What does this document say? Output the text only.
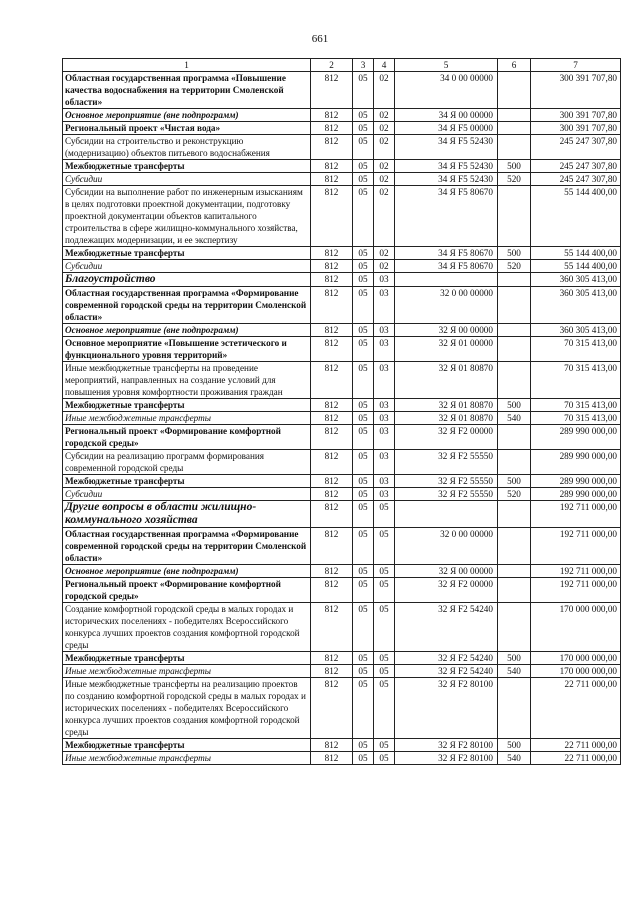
661
1	2	3	4	5	6	7
Областная государственная программа «Повышение качества водоснабжения на территории Смоленской области»	812	05	02	34 0 00 00000		300 391 707,80
Основное мероприятие (вне подпрограмм)	812	05	02	34 Я 00 00000		300 391 707,80
Региональный проект «Чистая вода»	812	05	02	34 Я F5 00000		300 391 707,80
Субсидии на строительство и реконструкцию (модернизацию) объектов питьевого водоснабжения	812	05	02	34 Я F5 52430		245 247 307,80
Межбюджетные трансферты	812	05	02	34 Я F5 52430	500	245 247 307,80
Субсидии	812	05	02	34 Я F5 52430	520	245 247 307,80
Субсидии на выполнение работ по инженерным изысканиям в целях подготовки проектной документации, подготовку проектной документации объектов капитального строительства в сфере жилищно-коммунального хозяйства, подлежащих модернизации, и ее экспертизу	812	05	02	34 Я F5 80670		55 144 400,00
Межбюджетные трансферты	812	05	02	34 Я F5 80670	500	55 144 400,00
Субсидии	812	05	02	34 Я F5 80670	520	55 144 400,00
Благоустройство	812	05	03			360 305 413,00
Областная государственная программа «Формирование современной городской среды на территории Смоленской области»	812	05	03	32 0 00 00000		360 305 413,00
Основное мероприятие (вне подпрограмм)	812	05	03	32 Я 00 00000		360 305 413,00
Основное мероприятие «Повышение эстетического и функционального уровня территорий»	812	05	03	32 Я 01 00000		70 315 413,00
Иные межбюджетные трансферты на проведение мероприятий, направленных на создание условий для повышения уровня комфортности проживания граждан	812	05	03	32 Я 01 80870		70 315 413,00
Межбюджетные трансферты	812	05	03	32 Я 01 80870	500	70 315 413,00
Иные межбюджетные трансферты	812	05	03	32 Я 01 80870	540	70 315 413,00
Региональный проект «Формирование комфортной городской среды»	812	05	03	32 Я F2 00000		289 990 000,00
Субсидии на реализацию программ формирования современной городской среды	812	05	03	32 Я F2 55550		289 990 000,00
Межбюджетные трансферты	812	05	03	32 Я F2 55550	500	289 990 000,00
Субсидии	812	05	03	32 Я F2 55550	520	289 990 000,00
Другие вопросы в области жилищно-коммунального хозяйства	812	05	05			192 711 000,00
Областная государственная программа «Формирование современной городской среды на территории Смоленской области»	812	05	05	32 0 00 00000		192 711 000,00
Основное мероприятие (вне подпрограмм)	812	05	05	32 Я 00 00000		192 711 000,00
Региональный проект «Формирование комфортной городской среды»	812	05	05	32 Я F2 00000		192 711 000,00
Создание комфортной городской среды в малых городах и исторических поселениях - победителях Всероссийского конкурса лучших проектов создания комфортной городской среды	812	05	05	32 Я F2 54240		170 000 000,00
Межбюджетные трансферты	812	05	05	32 Я F2 54240	500	170 000 000,00
Иные межбюджетные трансферты	812	05	05	32 Я F2 54240	540	170 000 000,00
Иные межбюджетные трансферты на реализацию проектов по созданию комфортной городской среды в малых городах и исторических поселениях - победителях Всероссийского конкурса лучших проектов создания комфортной городской среды	812	05	05	32 Я F2 80100		22 711 000,00
Межбюджетные трансферты	812	05	05	32 Я F2 80100	500	22 711 000,00
Иные межбюджетные трансферты	812	05	05	32 Я F2 80100	540	22 711 000,00
